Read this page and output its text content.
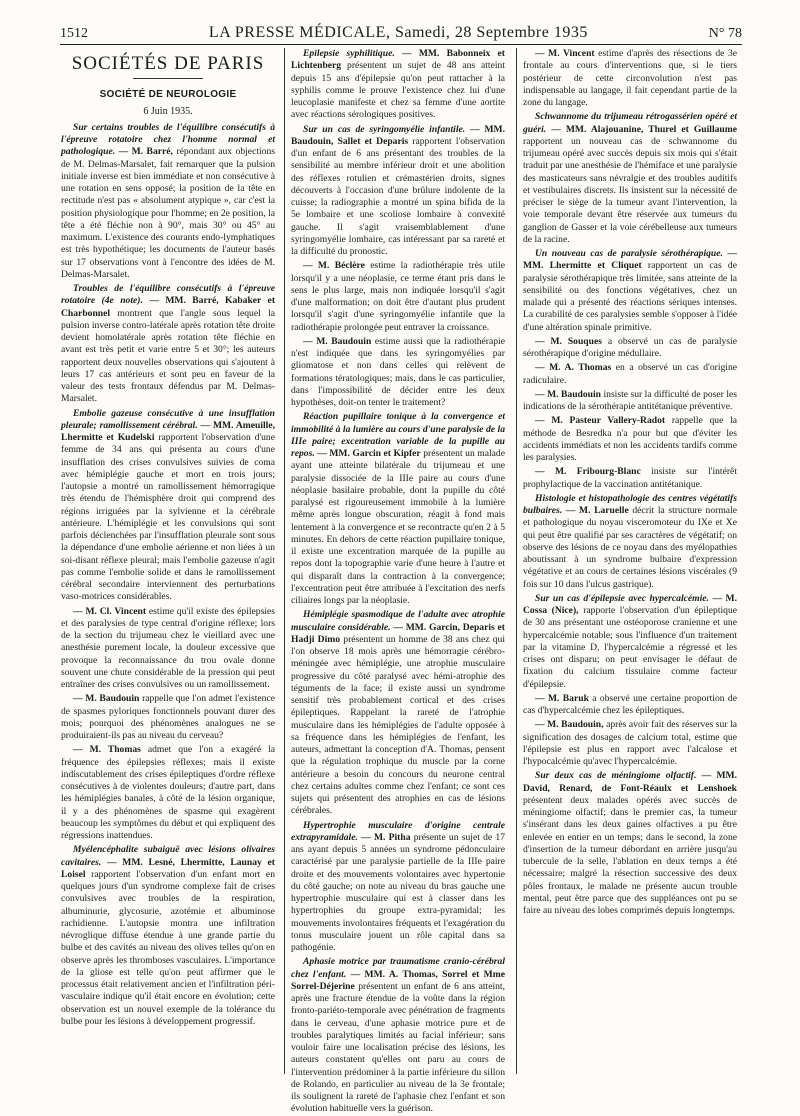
1512	LA PRESSE MÉDICALE, Samedi, 28 Septembre 1935	N° 78
SOCIÉTÉS DE PARIS
SOCIÉTÉ DE NEUROLOGIE
6 Juin 1935.

Sur certains troubles de l'équilibre consécutifs à l'épreuve rotatoire chez l'homme normal et pathologique. — M. Barré, répondant aux objections de M. Delmas-Marsalet, fait remarquer que la pulsion initiale inverse est bien immédiate et non consécutive à une rotation en sens opposé; la position de la tête en rectitude n'est pas « absolument atypique », car c'est la position physiologique pour l'homme; en 2e position, la tête a été fléchie non à 90°, mais 30° ou 45° au maximum. L'existence des courants endo-lymphatiques est très hypothétique; les documents de l'auteur basés sur 17 observations vont à l'encontre des idées de M. Delmas-Marsalet.

Troubles de l'équilibre consécutifs à l'épreuve rotatoire (4e note). — MM. Barré, Kabaker et Charbonnel montrent que l'angle sous lequel la pulsion inverse contro-latérale après rotation tête droite devient homolatérale après rotation tête fléchie en avant est très petit et varie entre 5 et 30°; les auteurs rapportent deux nouvelles observations qui s'ajoutent à leurs 17 cas antérieurs et sont peu en faveur de la valeur des tests frontaux défendus par M. Delmas-Marsalet.

Embolie gazeuse consécutive à une insufflation pleurale; ramollissement cérébral. — MM. Ameuille, Lhermitte et Kudelski rapportent l'observation d'une femme de 34 ans qui présenta au cours d'une insufflation des crises convulsives suivies de coma avec hémiplégie gauche et mort en trois jours; l'autopsie a montré un ramollissement hémorragique très étendu de l'hémisphère droit qui comprend des régions irriguées par la sylvienne et la cérébrale antérieure. L'hémiplégie et les convulsions qui sont parfois déclenchées par l'insufflation pleurale sont sous la dépendance d'une embolie aérienne et non liées à un soi-disant réflexe pleural; mais l'embolie gazeuse n'agit pas comme l'embolie solide et dans le ramollissement cérébral secondaire interviennent des perturbations vaso-motrices considérables.

— M. Cl. Vincent estime qu'il existe des épilepsies et des paralysies de type central d'origine réflexe; lors de la section du trijumeau chez le vieillard avec une anesthésie purement locale, la douleur excessive que provoque la reconnaissance du trou ovale donne souvent une chute considérable de la pression qui peut entraîner des crises convulsives ou un ramollissement.

— M. Baudouin rappelle que l'on admet l'existence de spasmes pyloriques fonctionnels pouvant durer des mois; pourquoi des phénomènes analogues ne se produiraient-ils pas au niveau du cerveau?

— M. Thomas admet que l'on a exagéré la fréquence des épilepsies réflexes; mais il existe indiscutablement des crises épileptiques d'ordre réflexe consécutives à de violentes douleurs; d'autre part, dans les hémiplégies banales, à côté de la lésion organique, il y a des phénomènes de spasme qui exagèrent beaucoup les symptômes du début et qui expliquent des régressions inattendues.

Myélencéphalite subaiguë avec lésions olivaires cavitaires. — MM. Lesné, Lhermitte, Launay et Loisel rapportent l'observation d'un enfant mort en quelques jours d'un syndrome complexe fait de crises convulsives avec troubles de la respiration, albuminurie, glycosurie, azotémie et albuminose rachidienne. L'autopsie montra une infiltration névroglique diffuse étendue à une grande partie du bulbe et des cavités au niveau des olives telles qu'on en observe après les thromboses vasculaires. L'importance de la gliose est telle qu'on peut affirmer que le processus était relativement ancien et l'infiltration péri-vasculaire indique qu'il était encore en évolution; cette observation est un nouvel exemple de la tolérance du bulbe pour les lésions à développement progressif.

Epilepsie syphilitique. — MM. Babonneix et Lichtenberg présentent un sujet de 48 ans atteint depuis 15 ans d'épilepsie qu'on peut rattacher à la syphilis comme le prouve l'existence chez lui d'une leucoplasie manifeste et chez sa femme d'une aortite avec réactions sérologiques positives.

Sur un cas de syringomyélie infantile. — MM. Baudouin, Sallet et Deparis rapportent l'observation d'un enfant de 6 ans présentant des troubles de la sensibilité au membre inférieur droit et une abolition des réflexes rotulien et crémastérien droits, signes découverts à l'occasion d'une brûlure indolente de la cuisse; la radiographie a montré un spina bifida de la 5e lombaire et une scoliose lombaire à convexité gauche. Il s'agit vraisemblablement d'une syringomyélie lombaire, cas intéressant par sa rareté et la difficulté du pronostic.

— M. Béclère estime la radiothérapie très utile lorsqu'il y a une néoplasie, ce terme étant pris dans le sens le plus large, mais non indiquée lorsqu'il s'agit d'une malformation; on doit être d'autant plus prudent lorsqu'il s'agit d'une syringomyélie infantile que la radiothérapie prolongée peut entraver la croissance.

— M. Baudouin estime aussi que la radiothérapie n'est indiquée que dans les syringomyélies par gliomatose et non dans celles qui relèvent de formations tératologiques; mais, dans le cas particulier, dans l'impossibilité de décider entre les deux hypothèses, doit-on tenter le traitement?

Réaction pupillaire tonique à la convergence et immobilité à la lumière au cours d'une paralysie de la IIIe paire; excentration variable de la pupille au repos. — MM. Garcin et Kipfer présentent un malade ayant une atteinte bilatérale du trijumeau et une paralysie dissociée de la IIIe paire au cours d'une néoplasie basilaire probable, dont la pupille du côté paralysé est rigoureusement immobile à la lumière même après longue obscuration, réagit à fond mais lentement à la convergence et se recontracte qu'en 2 à 5 minutes. En dehors de cette réaction pupillaire tonique, il existe une excentration marquée de la pupille au repos dont la topographie varie d'une heure à l'autre et qui disparaît dans la contraction à la convergence; l'excentration peut être attribuée à l'excitation des nerfs ciliaires longs par la néoplasie.

Hémiplégie spasmodique de l'adulte avec atrophie musculaire considérable. — MM. Garcin, Deparis et Hadji Dimo présentent un homme de 38 ans chez qui l'on observe 18 mois après une hémorragie cérébro-méningée avec hémiplégie, une atrophie musculaire progressive du côté paralysé avec hémi-atrophie des téguments de la face; il existe aussi un syndrome sensitif très probablement cortical et des crises épileptiques. Rappelant la rareté de l'atrophie musculaire dans les hémiplégies de l'adulte opposée à sa fréquence dans les hémiplégies de l'enfant, les auteurs, admettant la conception d'A. Thomas, pensent que la régulation trophique du muscle par la corne antérieure a besoin du concours du neurone central chez certains adultes comme chez l'enfant; ce sont ces sujets qui présentent des atrophies en cas de lésions cérébrales.

Hypertrophie musculaire d'origine centrale extrapyramidale. — M. Pitha présente un sujet de 17 ans ayant depuis 5 années un syndrome pédonculaire caractérisé par une paralysie partielle de la IIIe paire droite et des mouvements volontaires avec hypertonie du côté gauche; on note au niveau du bras gauche une hypertrophie musculaire qui est à classer dans les hypertrophies du groupe extra-pyramidal; les mouvements involontaires fréquents et l'exagération du tonus musculaire jouent un rôle capital dans sa pathogénie.

Aphasie motrice par traumatisme cranio-cérébral chez l'enfant. — MM. A. Thomas, Sorrel et Mme Sorrel-Déjerine présentent un enfant de 6 ans atteint, après une fracture étendue de la voûte dans la région fronto-pariéto-temporale avec pénétration de fragments dans le cerveau, d'une aphasie motrice pure et de troubles paralytiques limités au facial inférieur; sans vouloir faire une localisation précise des lésions, les auteurs constatent qu'elles ont paru au cours de l'intervention prédominer à la partie inférieure du sillon de Rolando, en particulier au niveau de la 3e frontale; ils soulignent la rareté de l'aphasie chez l'enfant et son évolution habituelle vers la guérison.

— M. Vincent estime d'après des résections de 3e frontale au cours d'interventions que, si le tiers postérieur de cette circonvolution n'est pas indispensable au langage, il fait cependant partie de la zone du langage.

Schwannome du trijumeau rétrogassérien opéré et guéri. — MM. Alajouanine, Thurel et Guillaume rapportent un nouveau cas de schwannome du trijumeau opéré avec succès depuis six mois qui s'était traduit par une anesthésie de l'hémiface et une paralysie des masticateurs sans névralgie et des troubles auditifs et vestibulaires discrets. Ils insistent sur la nécessité de préciser le siège de la tumeur avant l'intervention, la voie temporale devant être réservée aux tumeurs du ganglion de Gasser et la voie cérébelleuse aux tumeurs de la racine.

Un nouveau cas de paralysie sérothérapique. — MM. Lhermitte et Cliquet rapportent un cas de paralysie sérothérapique très limitée, sans atteinte de la sensibilité ou des fonctions végétatives, chez un malade qui a présenté des réactions sériques intenses. La curabilité de ces paralysies semble s'opposer à l'idée d'une altération spinale primitive.

— M. Souques a observé un cas de paralysie sérothérapique d'origine médullaire.

— M. A. Thomas en a observé un cas d'origine radiculaire.

— M. Baudouin insiste sur la difficulté de poser les indications de la sérothérapie antitétanique préventive.

— M. Pasteur Vallery-Radot rappelle que la méthode de Besredka n'a pour but que d'éviter les accidents immédiats et non les accidents tardifs comme les paralysies.

— M. Fribourg-Blanc insiste sur l'intérêt prophylactique de la vaccination antitétanique.

Histologie et histopathologie des centres végétatifs bulbaires. — M. Laruelle décrit la structure normale et pathologique du noyau visceromoteur du IXe et Xe qui peut être qualifié par ses caractères de végétatif; on observe des lésions de ce noyau dans des myélopathies aboutissant à un syndrome bulbaire d'expression végétative et au cours de certaines lésions viscérales (9 fois sur 10 dans l'ulcus gastrique).

Sur un cas d'épilepsie avec hypercalcémie. — M. Cossa (Nice), rapporte l'observation d'un épileptique de 30 ans présentant une ostéoporose cranienne et une hypercalcémie notable; sous l'influence d'un traitement par la vitamine D, l'hypercalcémie a régressé et les crises ont disparu; on peut envisager le défaut de fixation du calcium tissulaire comme facteur d'épilepsie.

— M. Baruk a observé une certaine proportion de cas d'hypercalcémie chez les épileptiques.

— M. Baudouin, après avoir fait des réserves sur la signification des dosages de calcium total, estime que l'épilepsie est plus en rapport avec l'alcalose et l'hypocalcémie qu'avec l'hypercalcémie.

Sur deux cas de méningiome olfactif. — MM. David, Renard, de Font-Réaulx et Lenshoek présentent deux malades opérés avec succès de méningiome olfactif; dans le premier cas, la tumeur s'insérant dans les deux gaines olfactives a pu être enlevée en entier en un temps; dans le second, la zone d'insertion de la tumeur débordant en arrière jusqu'au tubercule de la selle, l'ablation en deux temps a été nécessaire; malgré la résection successive des deux pôles frontaux, le malade ne présente aucun trouble mental, peut être parce que des suppléances ont pu se faire au niveau des lobes comprimés depuis longtemps.
